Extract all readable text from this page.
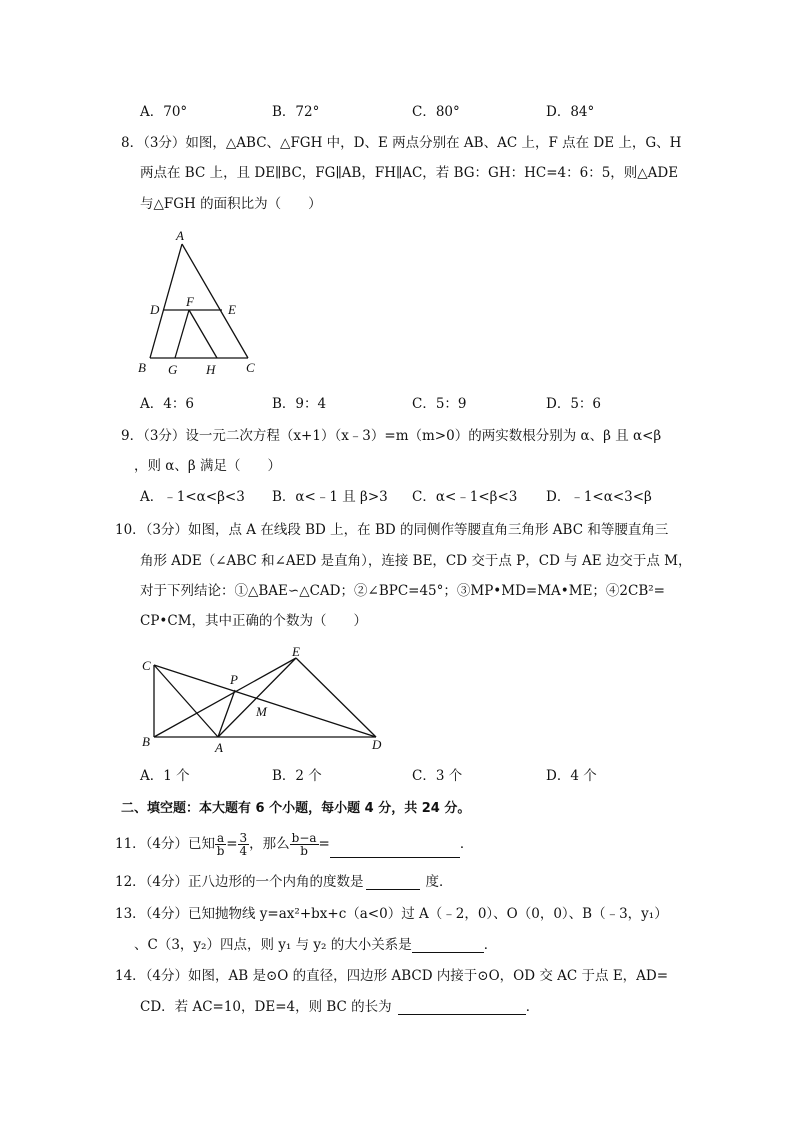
A．70°	B．72°	C．80°	D．84°
8．（3分）如图，△ABC、△FGH 中，D、E 两点分别在 AB、AC 上，F 点在 DE 上，G、H
两点在 BC 上，且 DE∥BC，FG∥AB，FH∥AC，若 BG：GH：HC=4：6：5，则△ADE
与△FGH 的面积比为（　　）
A
D
F
E
B G H C
A．4：6	B．9：4	C．5：9	D．5：6
9．（3分）设一元二次方程（x+1）（x﹣3）=m（m>0）的两实数根分别为 α、β 且 α<β
，则 α、β 满足（　　）
A．﹣1<α<β<3 B．α<﹣1 且 β>3 C．α<﹣1<β<3 D．﹣1<α<3<β
10．（3分）如图，点 A 在线段 BD 上，在 BD 的同侧作等腰直角三角形 ABC 和等腰直角三
角形 ADE（∠ABC 和∠AED 是直角），连接 BE，CD 交于点 P，CD 与 AE 边交于点 M，
对于下列结论：①△BAE∽△CAD；②∠BPC=45°；③MP•MD=MA•ME；④2CB²=
CP•CM，其中正确的个数为（　　）
C
E
P
M
B	A	D
A．1 个	B．2 个	C．3 个	D．4 个
二、填空题：本大题有 6 个小题，每小题 4 分，共 24 分。
11．（4分）已知 $\frac{a}{b} = \frac{3}{4}$ ，那么 $\frac{b-a}{b}$ =	．
12．（4分）正八边形的一个内角的度数是	度．
13．（4分）已知抛物线 y=ax²+bx+c（a<0）过 A（﹣2，0）、O（0，0）、B（﹣3，y₁）
、C（3，y₂）四点，则 y₁ 与 y₂ 的大小关系是	．
14．（4分）如图，AB 是⊙O 的直径，四边形 ABCD 内接于⊙O，OD 交 AC 于点 E，AD=
CD．若 AC=10，DE=4，则 BC 的长为	．
